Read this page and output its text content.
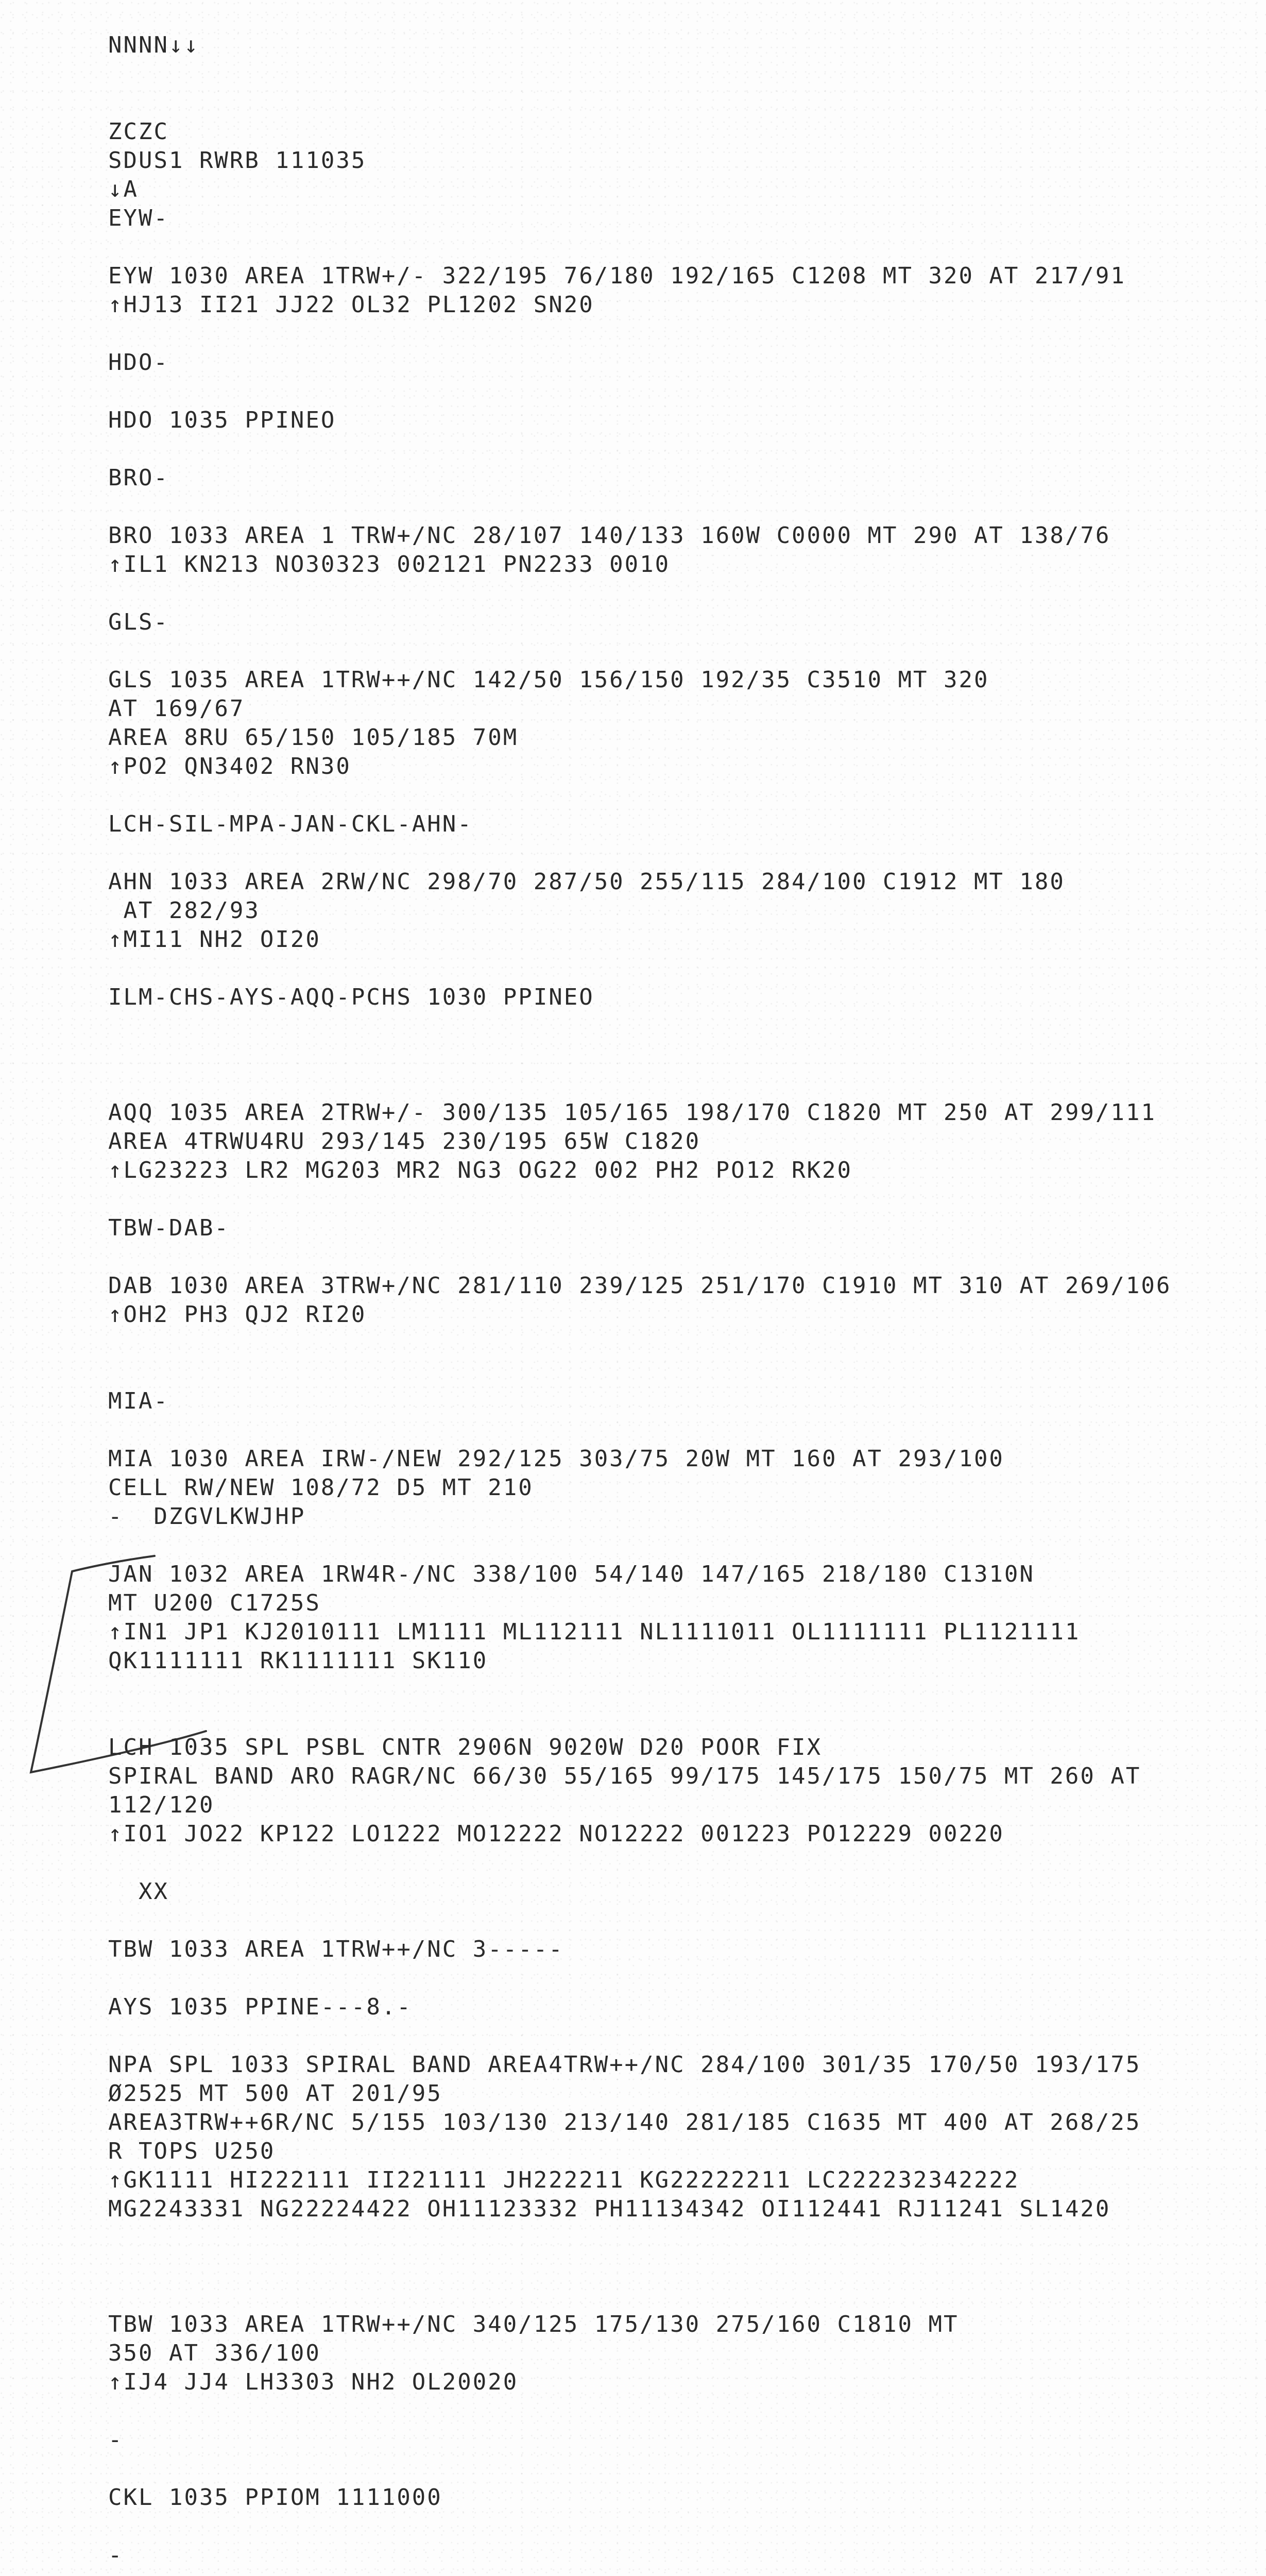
NNNN↓↓
ZCZC
SDUS1 RWRB 111035
↓A
EYW-
EYW 1030 AREA 1TRW+/- 322/195 76/180 192/165 C1208 MT 320 AT 217/91
↑HJ13 II21 JJ22 OL32 PL1202 SN20
HDO-
HDO 1035 PPINEO
BRO-
BRO 1033 AREA 1 TRW+/NC 28/107 140/133 160W C0000 MT 290 AT 138/76
↑IL1 KN213 NO30323 002121 PN2233 0010
GLS-
GLS 1035 AREA 1TRW++/NC 142/50 156/150 192/35 C3510 MT 320
AT 169/67
AREA 8RU 65/150 105/185 70M
↑PO2 QN3402 RN30
LCH-SIL-MPA-JAN-CKL-AHN-
AHN 1033 AREA 2RW/NC 298/70 287/50 255/115 284/100 C1912 MT 180
AT 282/93
↑MI11 NH2 OI20
ILM-CHS-AYS-AQQ-PCHS 1030 PPINEO
AQQ 1035 AREA 2TRW+/- 300/135 105/165 198/170 C1820 MT 250 AT 299/111
AREA 4TRWU4RU 293/145 230/195 65W C1820
↑LG23223 LR2 MG203 MR2 NG3 OG22 002 PH2 PO12 RK20
TBW-DAB-
DAB 1030 AREA 3TRW+/NC 281/110 239/125 251/170 C1910 MT 310 AT 269/106
↑OH2 PH3 QJ2 RI20
MIA-
MIA 1030 AREA IRW-/NEW 292/125 303/75 20W MT 160 AT 293/100
CELL RW/NEW 108/72 D5 MT 210
-  DZGVLKWJHP
JAN 1032 AREA 1RW4R-/NC 338/100 54/140 147/165 218/180 C1310N
MT U200 C1725S
↑IN1 JP1 KJ2010111 LM1111 ML112111 NL1111011 OL1111111 PL1121111
QK1111111 RK1111111 SK110
LCH 1035 SPL PSBL CNTR 2906N 9020W D20 POOR FIX
SPIRAL BAND ARO RAGR/NC 66/30 55/165 99/175 145/175 150/75 MT 260 AT
112/120
↑IO1 JO22 KP122 LO1222 MO12222 NO12222 001223 PO12229 00220
XX
TBW 1033 AREA 1TRW++/NC 3-----
AYS 1035 PPINE---8.-
NPA SPL 1033 SPIRAL BAND AREA4TRW++/NC 284/100 301/35 170/50 193/175
Ø2525 MT 500 AT 201/95
AREA3TRW++6R/NC 5/155 103/130 213/140 281/185 C1635 MT 400 AT 268/25
R TOPS U250
↑GK1111 HI222111 II221111 JH222211 KG22222211 LC222232342222
MG2243331 NG22224422 OH11123332 PH11134342 OI112441 RJ11241 SL1420
TBW 1033 AREA 1TRW++/NC 340/125 175/130 275/160 C1810 MT
350 AT 336/100
↑IJ4 JJ4 LH3303 NH2 OL20020
-
CKL 1035 PPIOM 1111000
-
